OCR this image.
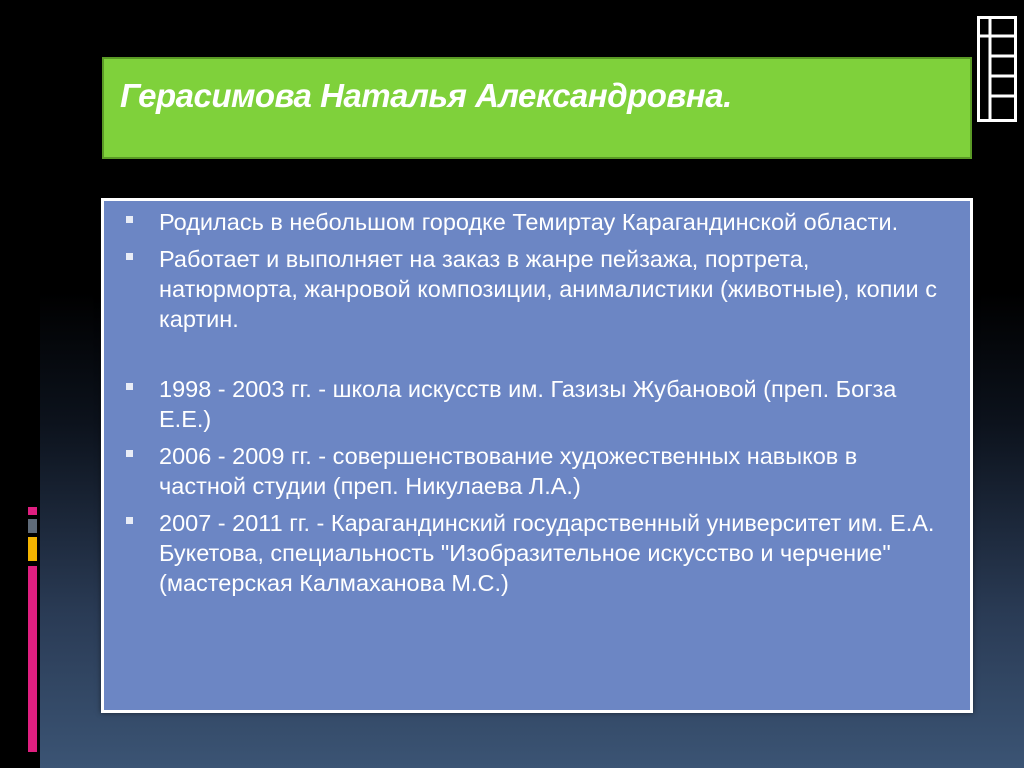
Герасимова Наталья Александровна.
Родилась в небольшом городке Темиртау Карагандинской области.
Работает и выполняет на заказ в жанре пейзажа, портрета, натюрморта, жанровой композиции, анималистики (животные), копии с картин.
1998 - 2003 гг. - школа искусств им. Газизы Жубановой (преп. Богза Е.Е.)
2006 - 2009 гг. - совершенствование художественных навыков в частной студии (преп. Никулаева Л.А.)
2007 - 2011 гг. - Карагандинский государственный университет им. Е.А. Букетова, специальность "Изобразительное искусство и черчение" (мастерская Калмаханова М.С.)
